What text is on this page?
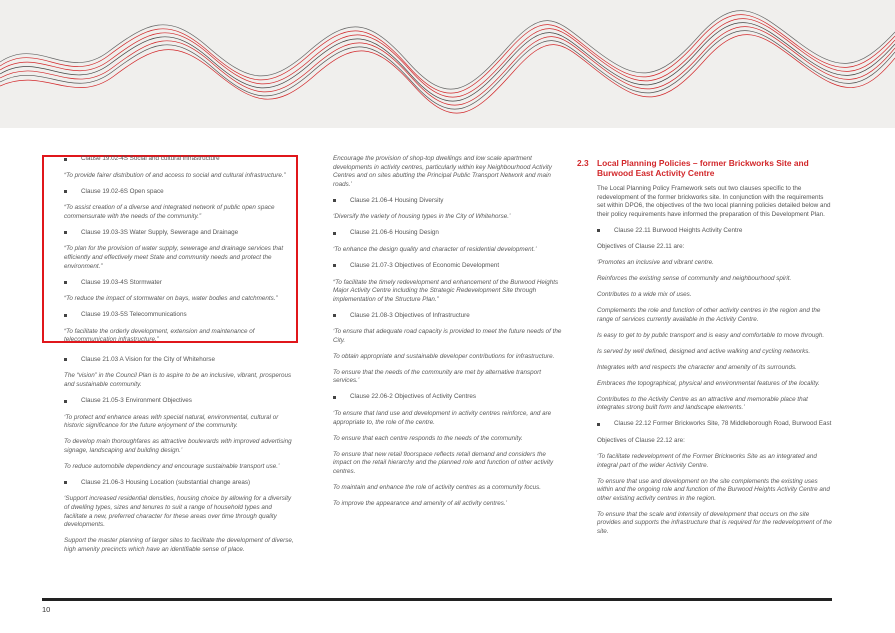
Clause 19.02-4S Social and cultural infrastructure
“To provide fairer distribution of and access to social and cultural infrastructure.”
Clause 19.02-6S Open space
“To assist creation of a diverse and integrated network of public open space commensurate with the needs of the community.”
Clause 19.03-3S Water Supply, Sewerage and Drainage
“To plan for the provision of water supply, sewerage and drainage services that efficiently and effectively meet State and community needs and protect the environment.”
Clause 19.03-4S Stormwater
“To reduce the impact of stormwater on bays, water bodies and catchments.”
Clause 19.03-5S Telecommunications
“To facilitate the orderly development, extension and maintenance of telecommunication infrastructure.”
Clause 21.03 A Vision for the City of Whitehorse
The “vision” in the Council Plan is to aspire to be an inclusive, vibrant, prosperous and sustainable community.
Clause 21.05-3 Environment Objectives
‘To protect and enhance areas with special natural, environmental, cultural or historic significance for the future enjoyment of the community.
To develop main thoroughfares as attractive boulevards with improved advertising signage, landscaping and building design.’
To reduce automobile dependency and encourage sustainable transport use.’
Clause 21.06-3 Housing Location (substantial change areas)
‘Support increased residential densities, housing choice by allowing for a diversity of dwelling types, sizes and tenures to suit a range of household types and facilitate a new, preferred character for these areas over time through quality developments.
Support the master planning of larger sites to facilitate the development of diverse, high amenity precincts which have an identifiable sense of place.
Encourage the provision of shop-top dwellings and low scale apartment developments in activity centres, particularly within key Neighbourhood Activity Centres and on sites abutting the Principal Public Transport Network and main roads.’
Clause 21.06-4 Housing Diversity
‘Diversify the variety of housing types in the City of Whitehorse.’
Clause 21.06-6 Housing Design
‘To enhance the design quality and character of residential development.’
Clause 21.07-3 Objectives of Economic Development
“To facilitate the timely redevelopment and enhancement of the Burwood Heights Major Activity Centre including the Strategic Redevelopment Site through implementation of the Structure Plan.”
Clause 21.08-3 Objectives of Infrastructure
‘To ensure that adequate road capacity is provided to meet the future needs of the City.
To obtain appropriate and sustainable developer contributions for infrastructure.
To ensure that the needs of the community are met by alternative transport services.’
Clause 22.06-2 Objectives of Activity Centres
‘To ensure that land use and development in activity centres reinforce, and are appropriate to, the role of the centre.
To ensure that each centre responds to the needs of the community.
To ensure that new retail floorspace reflects retail demand and considers the impact on the retail hierarchy and the planned role and function of other activity centres.
To maintain and enhance the role of activity centres as a community focus.
To improve the appearance and amenity of all activity centres.’
2.3 Local Planning Policies – former Brickworks Site and Burwood East Activity Centre
The Local Planning Policy Framework sets out two clauses specific to the redevelopment of the former brickworks site. In conjunction with the requirements set within DPO6, the objectives of the two local planning policies detailed below and their policy requirements have informed the preparation of this Development Plan.
Clause 22.11 Burwood Heights Activity Centre
Objectives of Clause 22.11 are:
‘Promotes an inclusive and vibrant centre.
Reinforces the existing sense of community and neighbourhood spirit.
Contributes to a wide mix of uses.
Complements the role and function of other activity centres in the region and the range of services currently available in the Activity Centre.
Is easy to get to by public transport and is easy and comfortable to move through.
Is served by well defined, designed and active walking and cycling networks.
Integrates with and respects the character and amenity of its surrounds.
Embraces the topographical, physical and environmental features of the locality.
Contributes to the Activity Centre as an attractive and memorable place that integrates strong built form and landscape elements.’
Clause 22.12 Former Brickworks Site, 78 Middleborough Road, Burwood East
Objectives of Clause 22.12 are:
‘To facilitate redevelopment of the Former Brickworks Site as an integrated and integral part of the wider Activity Centre.
To ensure that use and development on the site complements the existing uses within and the ongoing role and function of the Burwood Heights Activity Centre and other existing activity centres in the region.
To ensure that the scale and intensity of development that occurs on the site provides and supports the infrastructure that is required for the redevelopment of the site.
10
